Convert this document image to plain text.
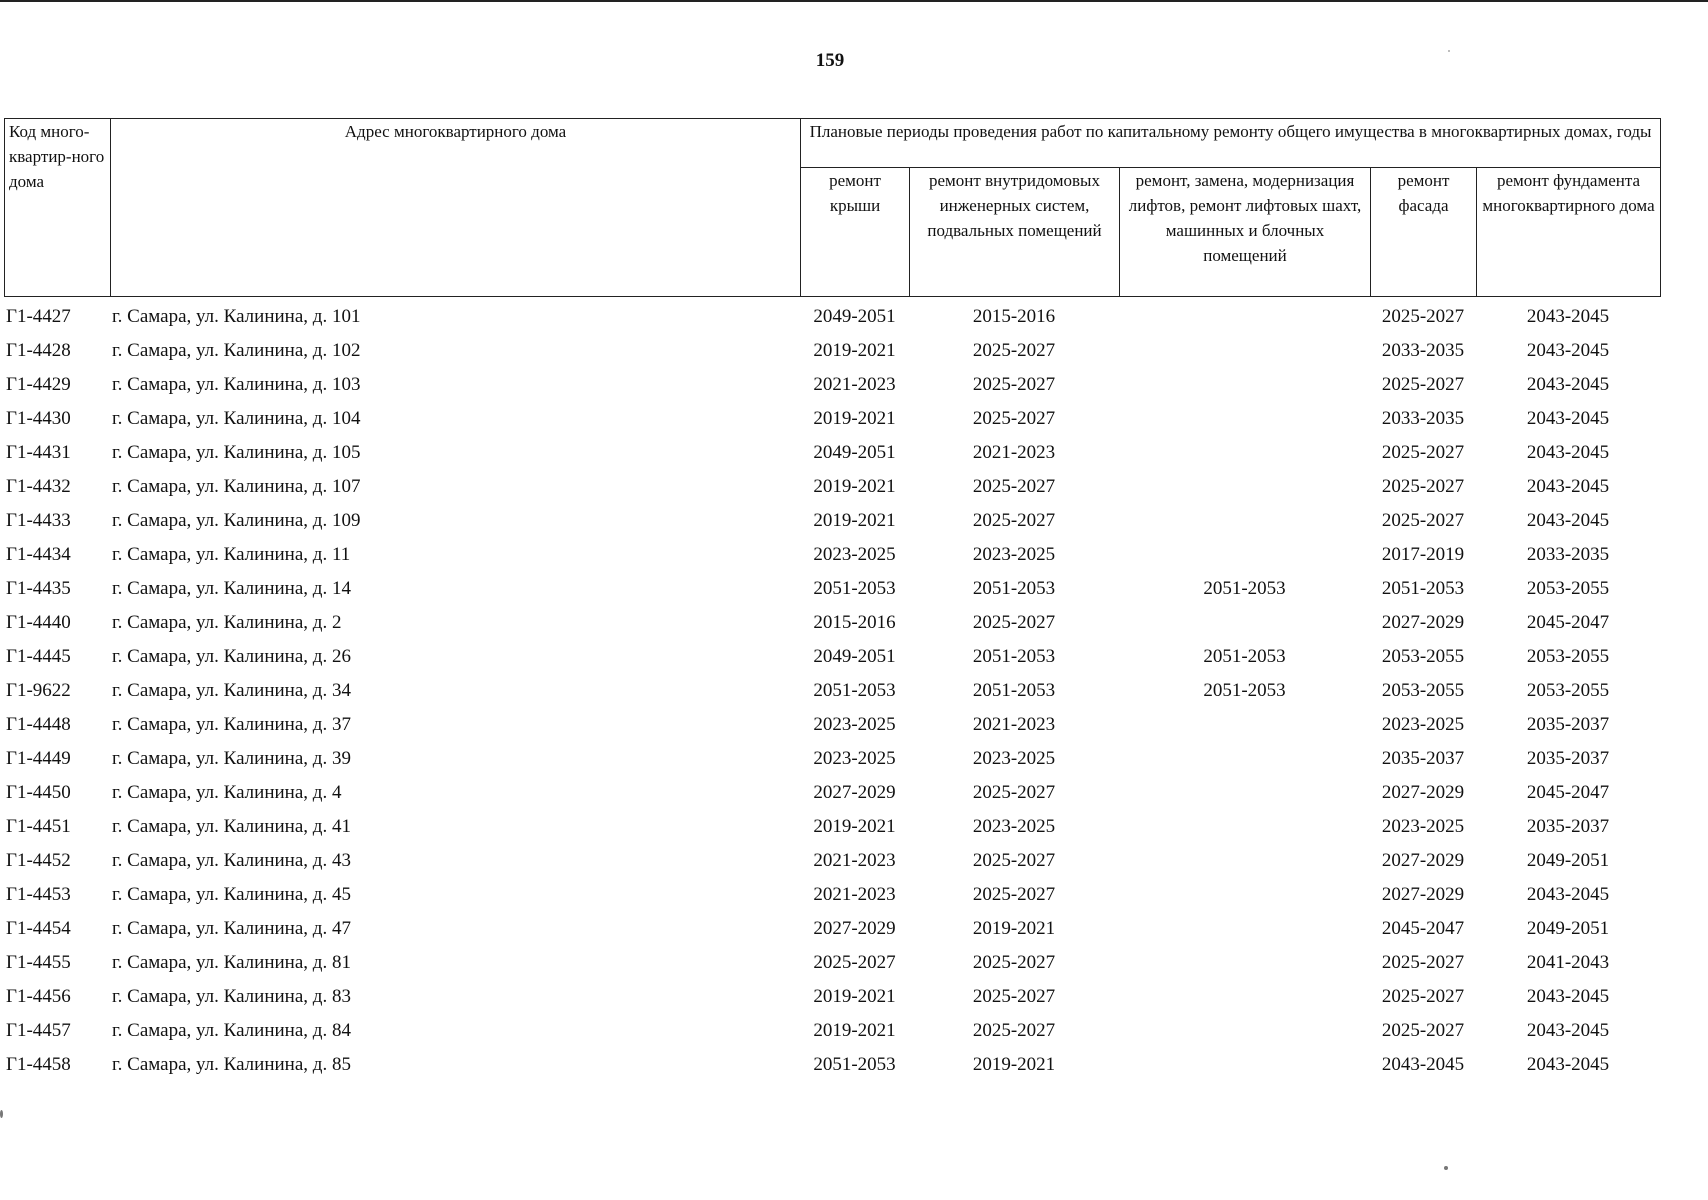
159
Код много-квартир-ного дома	Адрес многоквартирного дома	Плановые периоды проведения работ по капитальному ремонту общего имущества в многоквартирных домах, годы				
		ремонт крыши	ремонт внутридомовых инженерных систем, подвальных помещений	ремонт, замена, модернизация лифтов, ремонт лифтовых шахт, машинных и блочных помещений	ремонт фасада	ремонт фундамента многоквартирного дома
Г1-4427	г. Самара, ул. Калинина, д. 101	2049-2051	2015-2016		2025-2027	2043-2045
Г1-4428	г. Самара, ул. Калинина, д. 102	2019-2021	2025-2027		2033-2035	2043-2045
Г1-4429	г. Самара, ул. Калинина, д. 103	2021-2023	2025-2027		2025-2027	2043-2045
Г1-4430	г. Самара, ул. Калинина, д. 104	2019-2021	2025-2027		2033-2035	2043-2045
Г1-4431	г. Самара, ул. Калинина, д. 105	2049-2051	2021-2023		2025-2027	2043-2045
Г1-4432	г. Самара, ул. Калинина, д. 107	2019-2021	2025-2027		2025-2027	2043-2045
Г1-4433	г. Самара, ул. Калинина, д. 109	2019-2021	2025-2027		2025-2027	2043-2045
Г1-4434	г. Самара, ул. Калинина, д. 11	2023-2025	2023-2025		2017-2019	2033-2035
Г1-4435	г. Самара, ул. Калинина, д. 14	2051-2053	2051-2053	2051-2053	2051-2053	2053-2055
Г1-4440	г. Самара, ул. Калинина, д. 2	2015-2016	2025-2027		2027-2029	2045-2047
Г1-4445	г. Самара, ул. Калинина, д. 26	2049-2051	2051-2053	2051-2053	2053-2055	2053-2055
Г1-9622	г. Самара, ул. Калинина, д. 34	2051-2053	2051-2053	2051-2053	2053-2055	2053-2055
Г1-4448	г. Самара, ул. Калинина, д. 37	2023-2025	2021-2023		2023-2025	2035-2037
Г1-4449	г. Самара, ул. Калинина, д. 39	2023-2025	2023-2025		2035-2037	2035-2037
Г1-4450	г. Самара, ул. Калинина, д. 4	2027-2029	2025-2027		2027-2029	2045-2047
Г1-4451	г. Самара, ул. Калинина, д. 41	2019-2021	2023-2025		2023-2025	2035-2037
Г1-4452	г. Самара, ул. Калинина, д. 43	2021-2023	2025-2027		2027-2029	2049-2051
Г1-4453	г. Самара, ул. Калинина, д. 45	2021-2023	2025-2027		2027-2029	2043-2045
Г1-4454	г. Самара, ул. Калинина, д. 47	2027-2029	2019-2021		2045-2047	2049-2051
Г1-4455	г. Самара, ул. Калинина, д. 81	2025-2027	2025-2027		2025-2027	2041-2043
Г1-4456	г. Самара, ул. Калинина, д. 83	2019-2021	2025-2027		2025-2027	2043-2045
Г1-4457	г. Самара, ул. Калинина, д. 84	2019-2021	2025-2027		2025-2027	2043-2045
Г1-4458	г. Самара, ул. Калинина, д. 85	2051-2053	2019-2021		2043-2045	2043-2045
